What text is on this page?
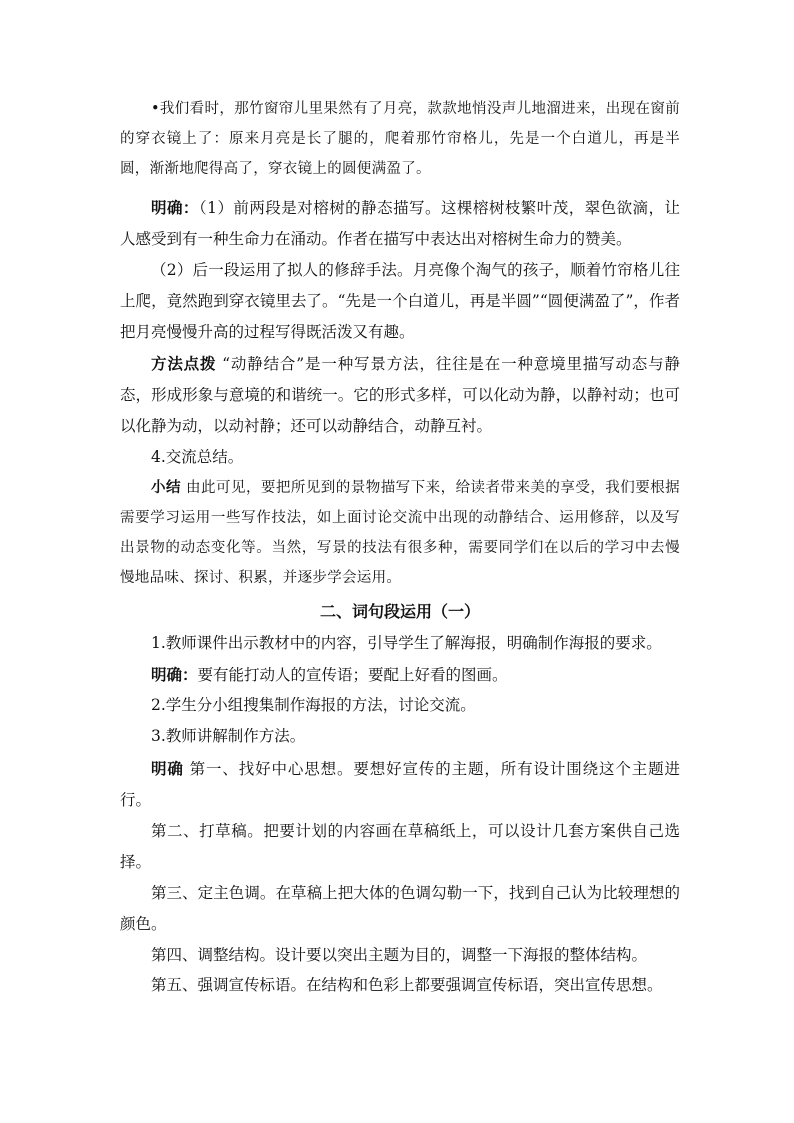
•我们看时，那竹窗帘儿里果然有了月亮，款款地悄没声儿地溜进来，出现在窗前的穿衣镜上了：原来月亮是长了腿的，爬着那竹帘格儿，先是一个白道儿，再是半圆，渐渐地爬得高了，穿衣镜上的圆便满盈了。

明确：（1）前两段是对榕树的静态描写。这棵榕树枝繁叶茂，翠色欲滴，让人感受到有一种生命力在涌动。作者在描写中表达出对榕树生命力的赞美。

（2）后一段运用了拟人的修辞手法。月亮像个淘气的孩子，顺着竹帘格儿往上爬，竟然跑到穿衣镜里去了。“先是一个白道儿，再是半圆”“圆便满盈了”，作者把月亮慢慢升高的过程写得既活泼又有趣。

方法点拨 “动静结合”是一种写景方法，往往是在一种意境里描写动态与静态，形成形象与意境的和谐统一。它的形式多样，可以化动为静，以静衬动；也可以化静为动，以动衬静；还可以动静结合，动静互衬。

4.交流总结。

小结 由此可见，要把所见到的景物描写下来，给读者带来美的享受，我们要根据需要学习运用一些写作技法，如上面讨论交流中出现的动静结合、运用修辞，以及写出景物的动态变化等。当然，写景的技法有很多种，需要同学们在以后的学习中去慢慢地品味、探讨、积累，并逐步学会运用。

二、词句段运用（一）

1.教师课件出示教材中的内容，引导学生了解海报，明确制作海报的要求。

明确：要有能打动人的宣传语；要配上好看的图画。

2.学生分小组搜集制作海报的方法，讨论交流。

3.教师讲解制作方法。

明确 第一、找好中心思想。要想好宣传的主题，所有设计围绕这个主题进行。

第二、打草稿。把要计划的内容画在草稿纸上，可以设计几套方案供自己选择。

第三、定主色调。在草稿上把大体的色调勾勒一下，找到自己认为比较理想的颜色。

第四、调整结构。设计要以突出主题为目的，调整一下海报的整体结构。

第五、强调宣传标语。在结构和色彩上都要强调宣传标语，突出宣传思想。
